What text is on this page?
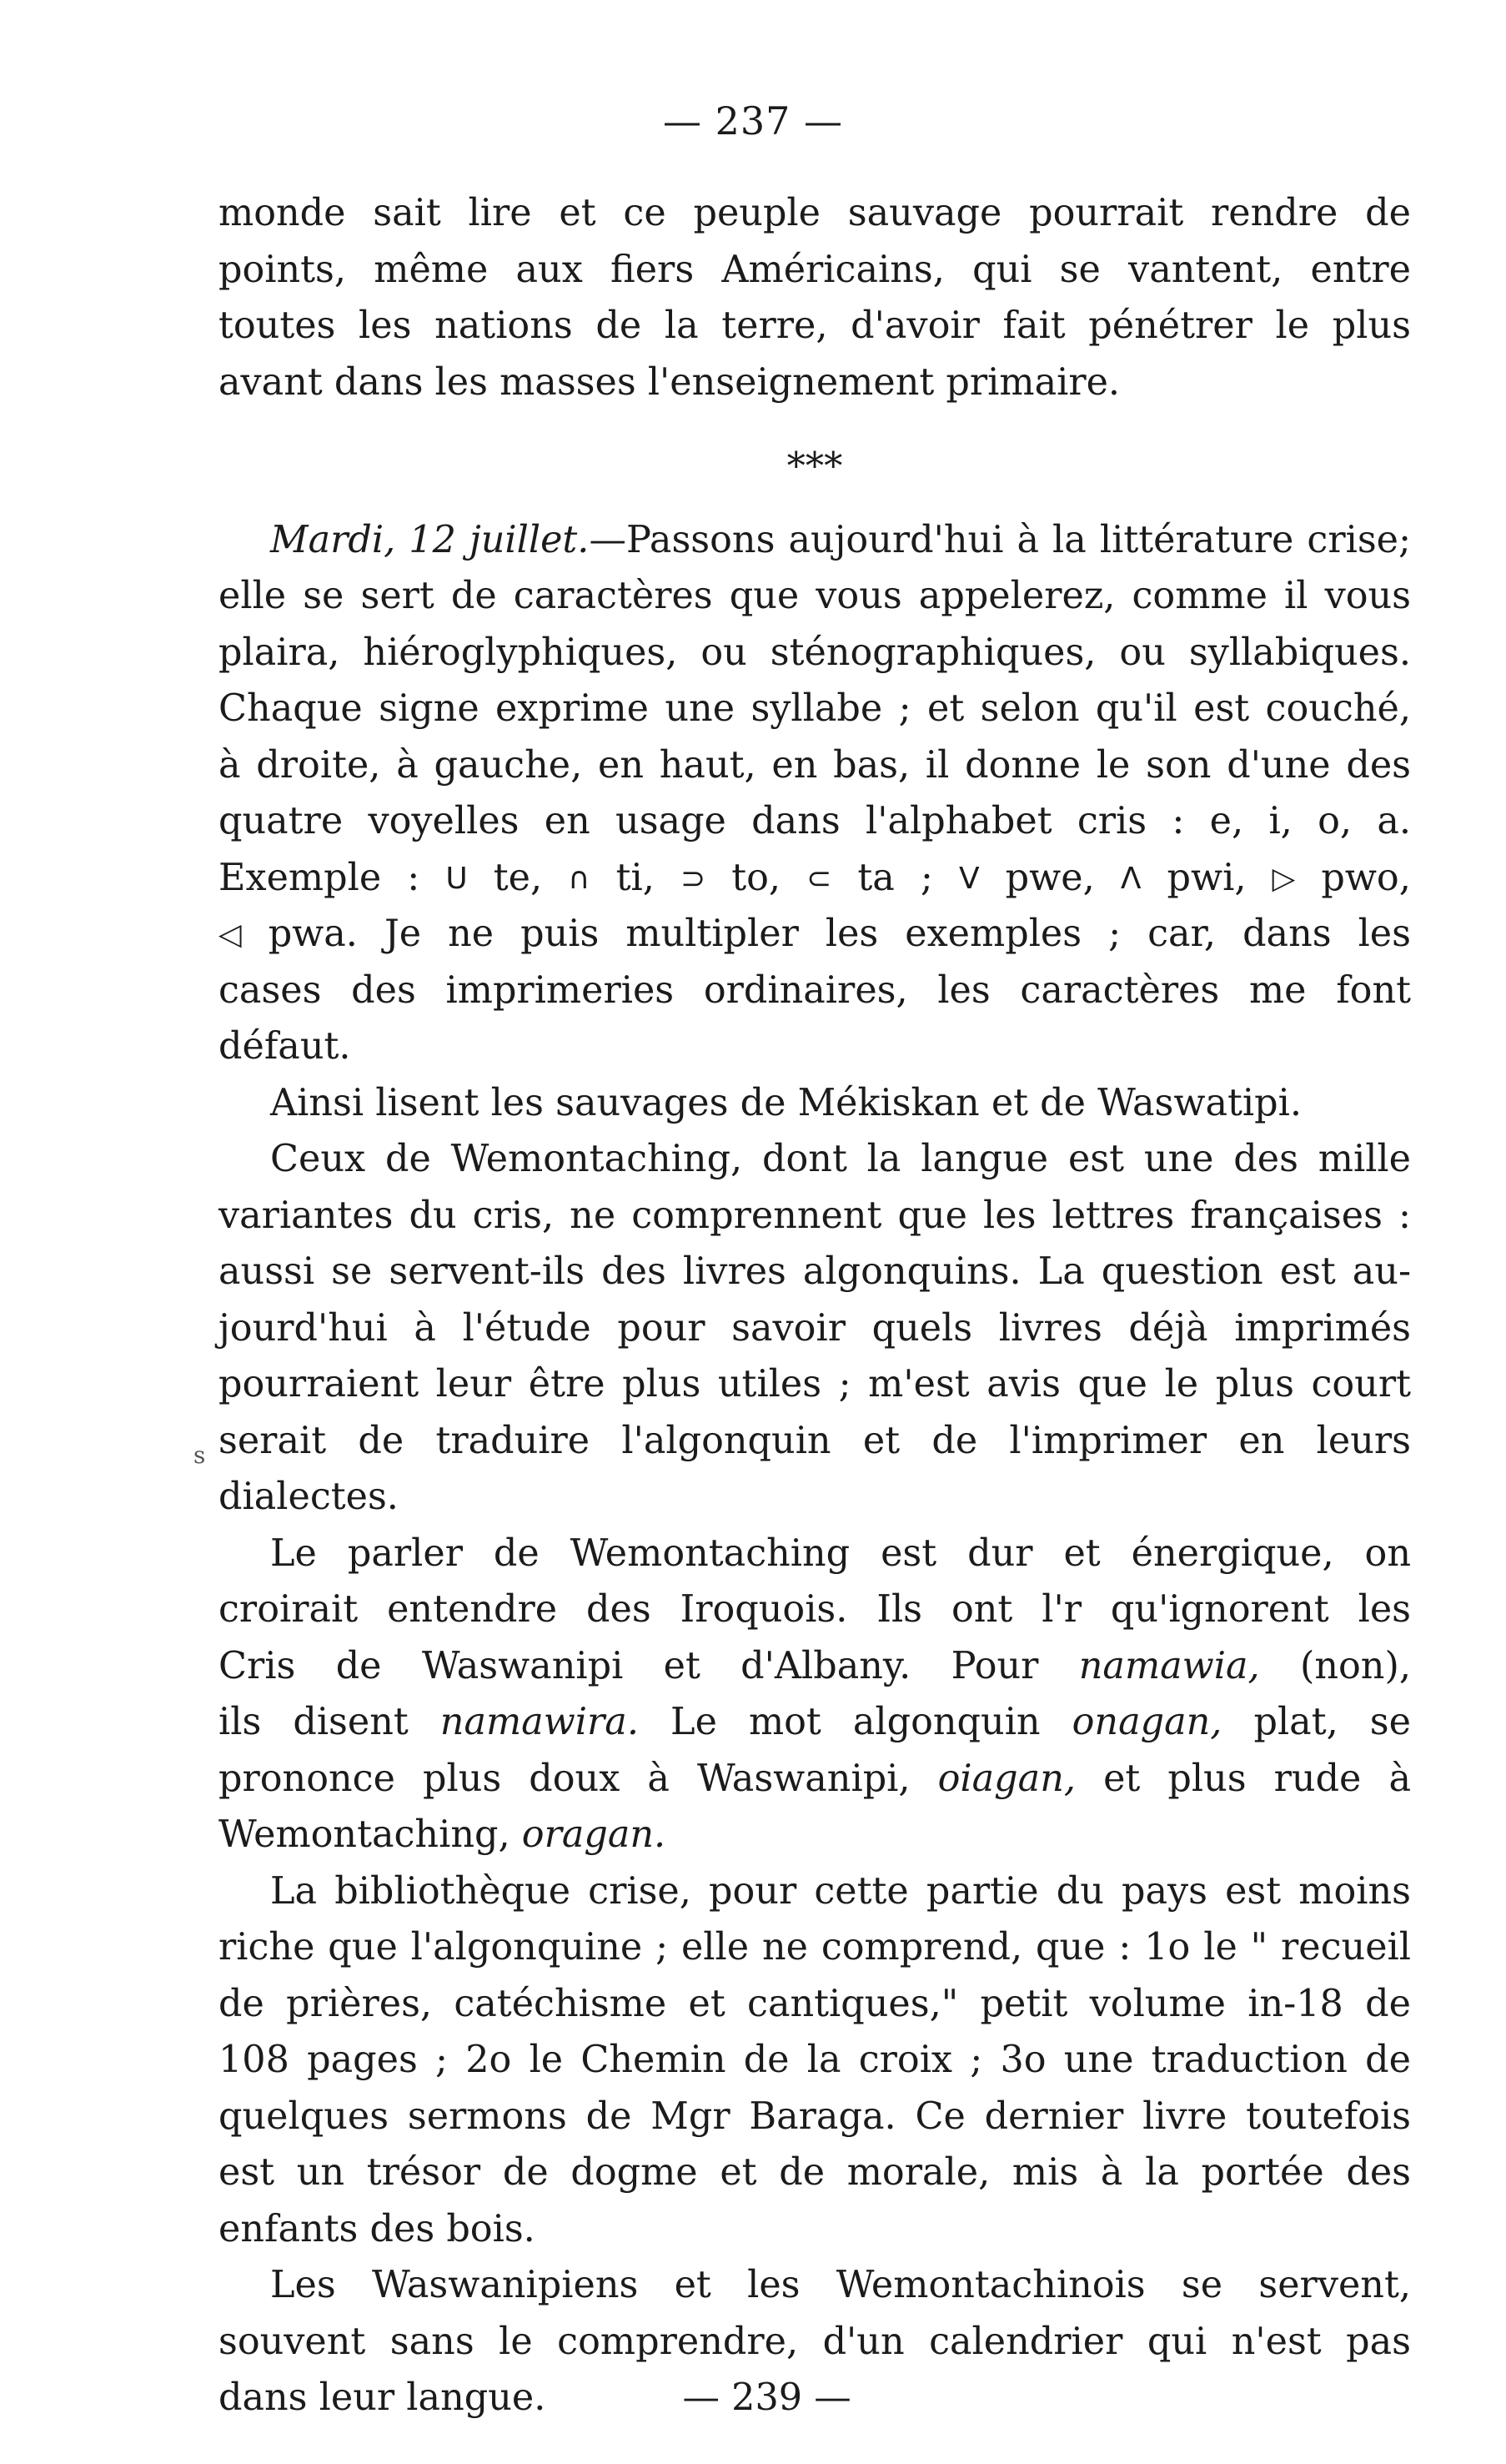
— 237 —
s
monde sait lire et ce peuple sauvage pourrait rendre de
points, même aux fiers Américains, qui se vantent, entre
toutes les nations de la terre, d'avoir fait pénétrer le plus
avant dans les masses l'enseignement primaire.
***
Mardi, 12 juillet.—Passons aujourd'hui à la littérature crise;
elle se sert de caractères que vous appelerez, comme il vous
plaira, hiéroglyphiques, ou sténographiques, ou syllabiques.
Chaque signe exprime une syllabe ; et selon qu'il est couché,
à droite, à gauche, en haut, en bas, il donne le son d'une des
quatre voyelles en usage dans l'alphabet cris : e, i, o, a.
Exemple : U te, ∩ ti, ⊃ to, ⊂ ta ; V pwe, Λ pwi, ▷ pwo,
◁ pwa. Je ne puis multipler les exemples ; car, dans les
cases des imprimeries ordinaires, les caractères me font
défaut.
Ainsi lisent les sauvages de Mékiskan et de Waswatipi.
Ceux de Wemontaching, dont la langue est une des mille
variantes du cris, ne comprennent que les lettres françaises :
aussi se servent-ils des livres algonquins. La question est au-
jourd'hui à l'étude pour savoir quels livres déjà imprimés
pourraient leur être plus utiles ; m'est avis que le plus court
serait de traduire l'algonquin et de l'imprimer en leurs
dialectes.
Le parler de Wemontaching est dur et énergique, on
croirait entendre des Iroquois. Ils ont l'r qu'ignorent les
Cris de Waswanipi et d'Albany. Pour namawia, (non),
ils disent namawira. Le mot algonquin onagan, plat, se
prononce plus doux à Waswanipi, oiagan, et plus rude à
Wemontaching, oragan.
La bibliothèque crise, pour cette partie du pays est moins
riche que l'algonquine ; elle ne comprend, que : 1o le " recueil
de prières, catéchisme et cantiques," petit volume in-18 de
108 pages ; 2o le Chemin de la croix ; 3o une traduction de
quelques sermons de Mgr Baraga. Ce dernier livre toutefois
est un trésor de dogme et de morale, mis à la portée des
enfants des bois.
Les Waswanipiens et les Wemontachinois se servent,
souvent sans le comprendre, d'un calendrier qui n'est pas
dans leur langue.	— 239 —
